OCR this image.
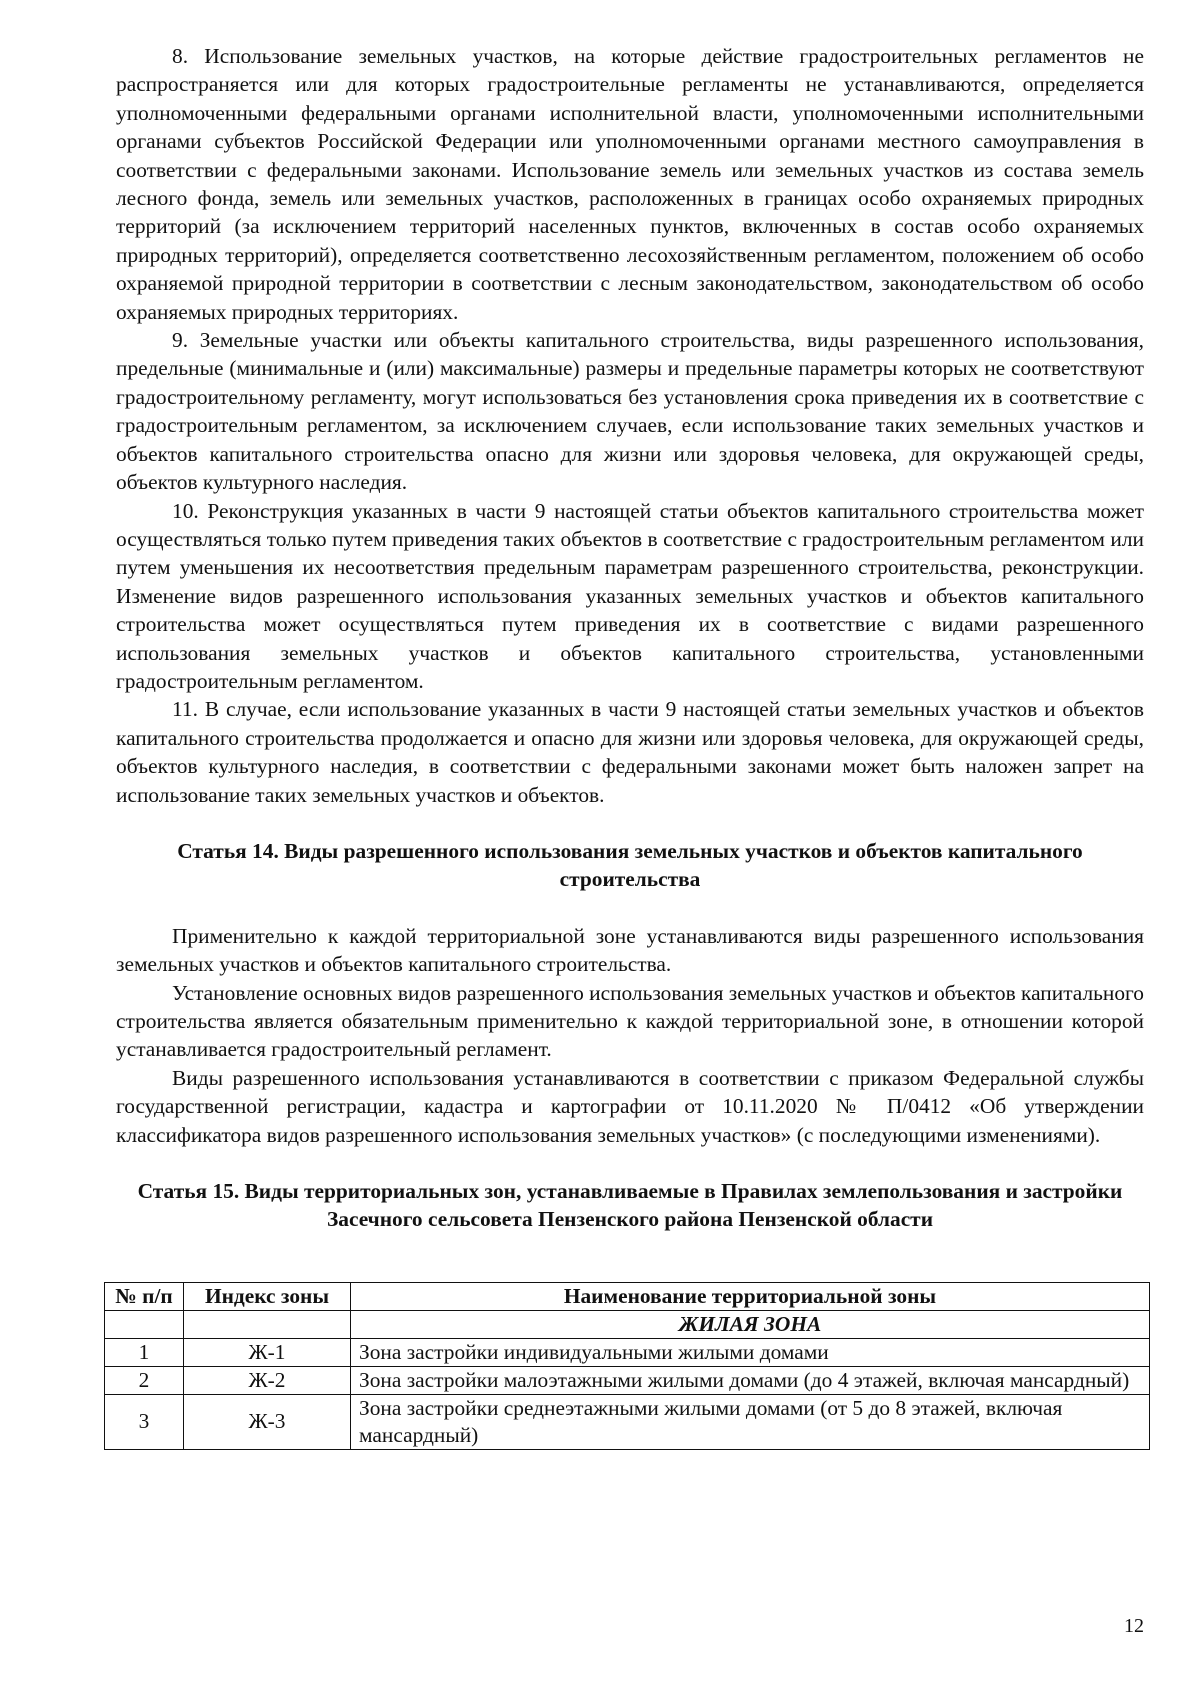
8. Использование земельных участков, на которые действие градостроительных регламентов не распространяется или для которых градостроительные регламенты не устанавливаются, определяется уполномоченными федеральными органами исполнительной власти, уполномоченными исполнительными органами субъектов Российской Федерации или уполномоченными органами местного самоуправления в соответствии с федеральными законами. Использование земель или земельных участков из состава земель лесного фонда, земель или земельных участков, расположенных в границах особо охраняемых природных территорий (за исключением территорий населенных пунктов, включенных в состав особо охраняемых природных территорий), определяется соответственно лесохозяйственным регламентом, положением об особо охраняемой природной территории в соответствии с лесным законодательством, законодательством об особо охраняемых природных территориях.

9. Земельные участки или объекты капитального строительства, виды разрешенного использования, предельные (минимальные и (или) максимальные) размеры и предельные параметры которых не соответствуют градостроительному регламенту, могут использоваться без установления срока приведения их в соответствие с градостроительным регламентом, за исключением случаев, если использование таких земельных участков и объектов капитального строительства опасно для жизни или здоровья человека, для окружающей среды, объектов культурного наследия.

10. Реконструкция указанных в части 9 настоящей статьи объектов капитального строительства может осуществляться только путем приведения таких объектов в соответствие с градостроительным регламентом или путем уменьшения их несоответствия предельным параметрам разрешенного строительства, реконструкции. Изменение видов разрешенного использования указанных земельных участков и объектов капитального строительства может осуществляться путем приведения их в соответствие с видами разрешенного использования земельных участков и объектов капитального строительства, установленными градостроительным регламентом.

11. В случае, если использование указанных в части 9 настоящей статьи земельных участков и объектов капитального строительства продолжается и опасно для жизни или здоровья человека, для окружающей среды, объектов культурного наследия, в соответствии с федеральными законами может быть наложен запрет на использование таких земельных участков и объектов.

Статья 14. Виды разрешенного использования земельных участков и объектов капитального строительства

Применительно к каждой территориальной зоне устанавливаются виды разрешенного использования земельных участков и объектов капитального строительства.

Установление основных видов разрешенного использования земельных участков и объектов капитального строительства является обязательным применительно к каждой территориальной зоне, в отношении которой устанавливается градостроительный регламент.

Виды разрешенного использования устанавливаются в соответствии с приказом Федеральной службы государственной регистрации, кадастра и картографии от 10.11.2020 № П/0412 «Об утверждении классификатора видов разрешенного использования земельных участков» (с последующими изменениями).

Статья 15. Виды территориальных зон, устанавливаемые в Правилах землепользования и застройки Засечного сельсовета Пензенского района Пензенской области
№ п/п	Индекс зоны	Наименование территориальной зоны
		ЖИЛАЯ ЗОНА
1	Ж-1	Зона застройки индивидуальными жилыми домами
2	Ж-2	Зона застройки малоэтажными жилыми домами (до 4 этажей, включая мансардный)
3	Ж-3	Зона застройки среднеэтажными жилыми домами (от 5 до 8 этажей, включая мансардный)
12
